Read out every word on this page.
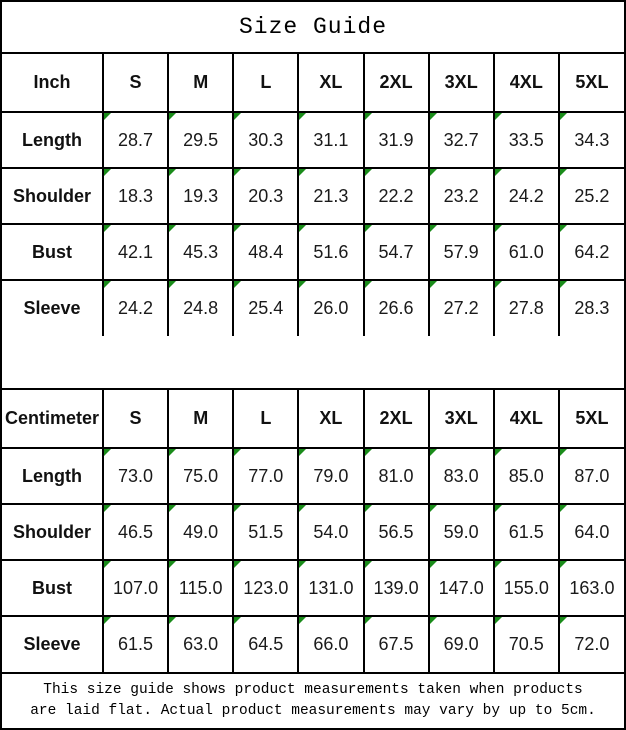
Size Guide
Inch	S	M	L	XL	2XL	3XL	4XL	5XL
Length	28.7	29.5	30.3	31.1	31.9	32.7	33.5	34.3
Shoulder	18.3	19.3	20.3	21.3	22.2	23.2	24.2	25.2
Bust	42.1	45.3	48.4	51.6	54.7	57.9	61.0	64.2
Sleeve	24.2	24.8	25.4	26.0	26.6	27.2	27.8	28.3
Centimeter	S	M	L	XL	2XL	3XL	4XL	5XL
Length	73.0	75.0	77.0	79.0	81.0	83.0	85.0	87.0
Shoulder	46.5	49.0	51.5	54.0	56.5	59.0	61.5	64.0
Bust	107.0	115.0	123.0	131.0	139.0	147.0	155.0	163.0
Sleeve	61.5	63.0	64.5	66.0	67.5	69.0	70.5	72.0
This size guide shows product measurements taken when products
are laid flat. Actual product measurements may vary by up to 5cm.
